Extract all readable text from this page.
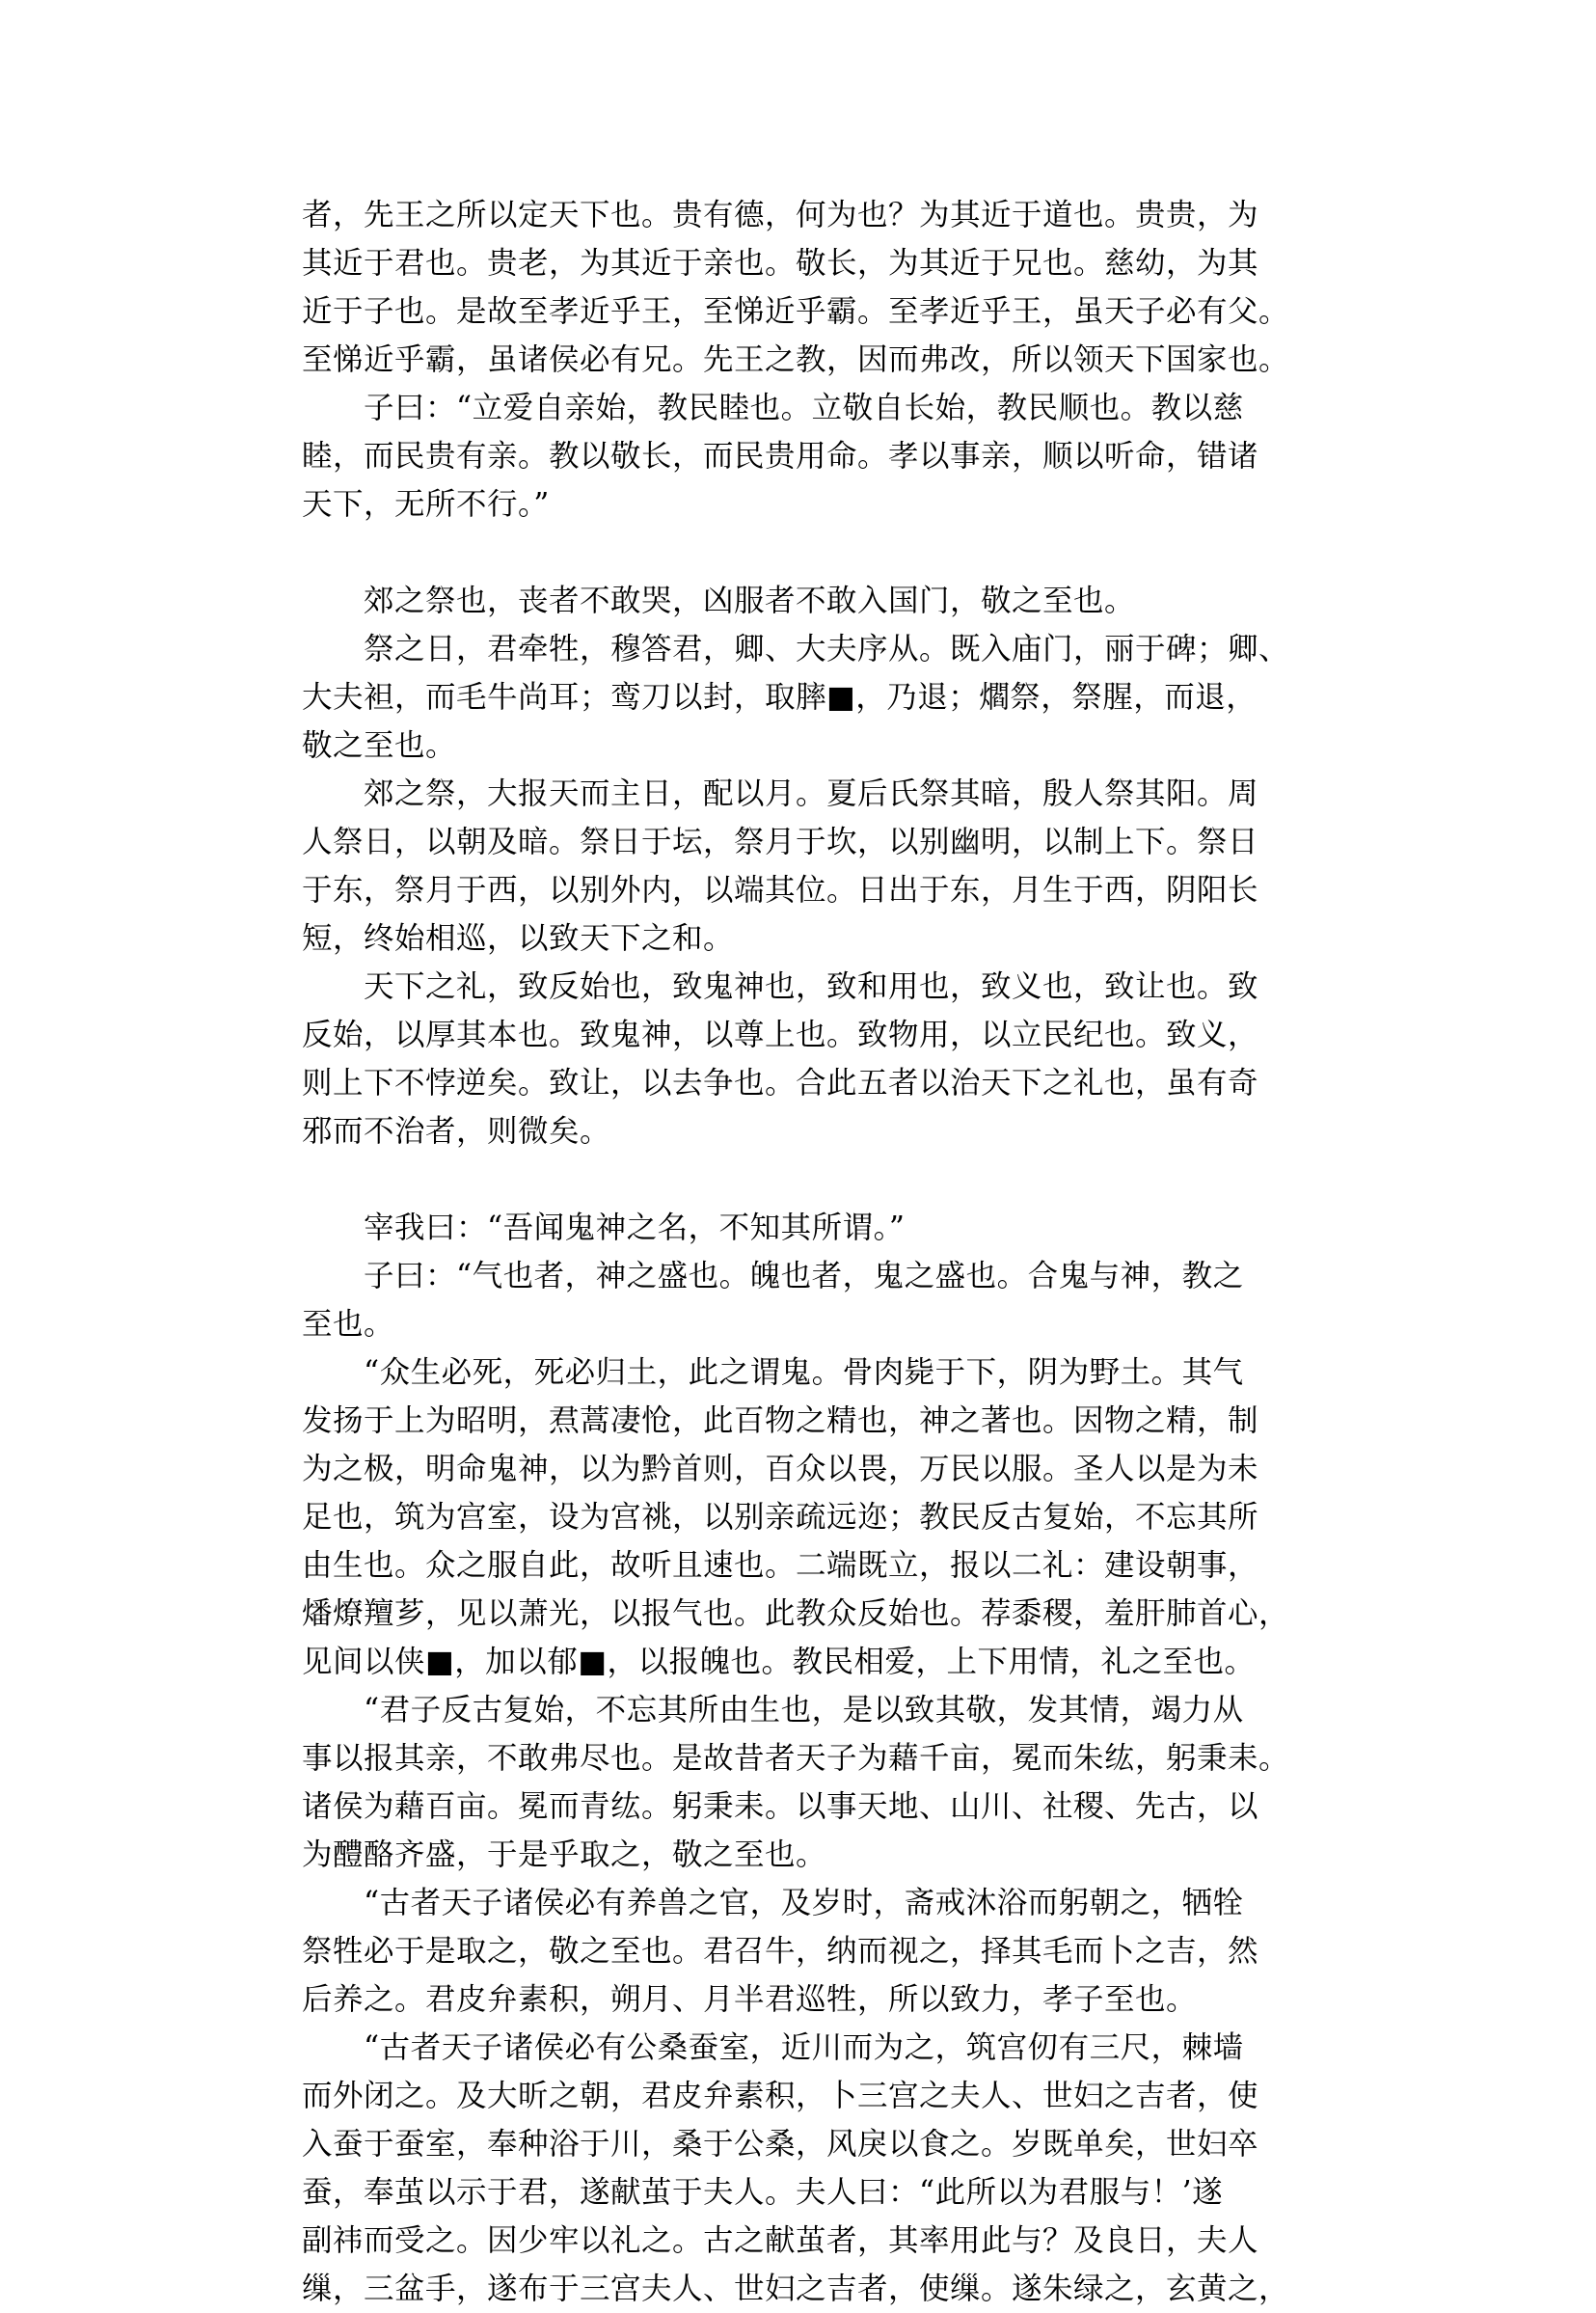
者，先王之所以定天下也。贵有德，何为也？为其近于道也。贵贵，为
其近于君也。贵老，为其近于亲也。敬长，为其近于兄也。慈幼，为其
近于子也。是故至孝近乎王，至悌近乎霸。至孝近乎王，虽天子必有父。
至悌近乎霸，虽诸侯必有兄。先王之教，因而弗改，所以领天下国家也。
子曰：“立爱自亲始，教民睦也。立敬自长始，教民顺也。教以慈
睦，而民贵有亲。教以敬长，而民贵用命。孝以事亲，顺以听命，错诸
天下，无所不行。”
郊之祭也，丧者不敢哭，凶服者不敢入国门，敬之至也。
祭之日，君牵牲，穆答君，卿、大夫序从。既入庙门，丽于碑；卿、
大夫袒，而毛牛尚耳；鸾刀以封，取膟■，乃退；爓祭，祭腥，而退，
敬之至也。
郊之祭，大报天而主日，配以月。夏后氏祭其暗，殷人祭其阳。周
人祭日，以朝及暗。祭日于坛，祭月于坎，以别幽明，以制上下。祭日
于东，祭月于西，以别外内，以端其位。日出于东，月生于西，阴阳长
短，终始相巡，以致天下之和。
天下之礼，致反始也，致鬼神也，致和用也，致义也，致让也。致
反始，以厚其本也。致鬼神，以尊上也。致物用，以立民纪也。致义，
则上下不悖逆矣。致让，以去争也。合此五者以治天下之礼也，虽有奇
邪而不治者，则微矣。
宰我曰：“吾闻鬼神之名，不知其所谓。”
子曰：“气也者，神之盛也。魄也者，鬼之盛也。合鬼与神，教之
至也。
“众生必死，死必归土，此之谓鬼。骨肉毙于下，阴为野土。其气
发扬于上为昭明，焄蒿凄怆，此百物之精也，神之著也。因物之精，制
为之极，明命鬼神，以为黔首则，百众以畏，万民以服。圣人以是为未
足也，筑为宫室，设为宫祧，以别亲疏远迩；教民反古复始，不忘其所
由生也。众之服自此，故听且速也。二端既立，报以二礼：建设朝事，
燔燎羶芗，见以萧光，以报气也。此教众反始也。荐黍稷，羞肝肺首心，
见间以侠■，加以郁■，以报魄也。教民相爱，上下用情，礼之至也。
“君子反古复始，不忘其所由生也，是以致其敬，发其情，竭力从
事以报其亲，不敢弗尽也。是故昔者天子为藉千亩，冕而朱纮，躬秉耒。
诸侯为藉百亩。冕而青纮。躬秉耒。以事天地、山川、社稷、先古，以
为醴酪齐盛，于是乎取之，敬之至也。
“古者天子诸侯必有养兽之官，及岁时，斋戒沐浴而躬朝之，牺牷
祭牲必于是取之，敬之至也。君召牛，纳而视之，择其毛而卜之吉，然
后养之。君皮弁素积，朔月、月半君巡牲，所以致力，孝子至也。
“古者天子诸侯必有公桑蚕室，近川而为之，筑宫仞有三尺，棘墙
而外闭之。及大昕之朝，君皮弁素积，卜三宫之夫人、世妇之吉者，使
入蚕于蚕室，奉种浴于川，桑于公桑，风戾以食之。岁既单矣，世妇卒
蚕，奉茧以示于君，遂献茧于夫人。夫人曰：“此所以为君服与！’遂
副祎而受之。因少牢以礼之。古之献茧者，其率用此与？及良日，夫人
缫，三盆手，遂布于三宫夫人、世妇之吉者，使缫。遂朱绿之，玄黄之，
